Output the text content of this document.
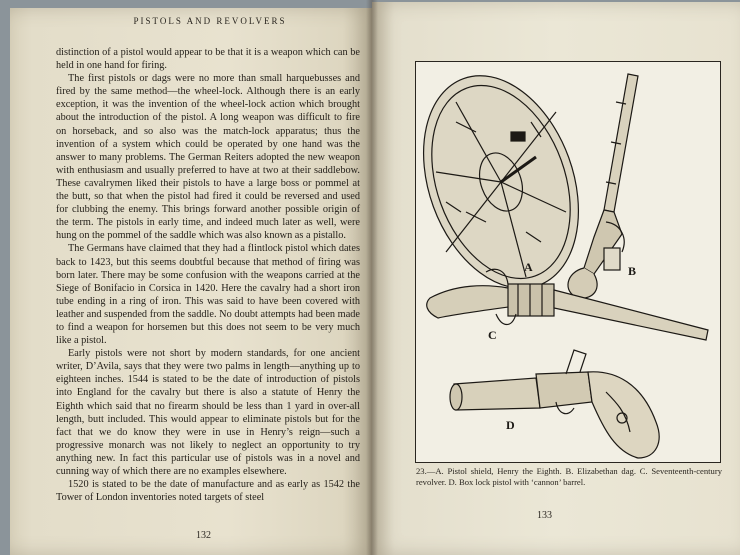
PISTOLS AND REVOLVERS

distinction of a pistol would appear to be that it is a weapon which can be held in one hand for firing.

The first pistols or dags were no more than small harquebusses and fired by the same method—the wheel-lock. Although there is an early exception, it was the invention of the wheel-lock action which brought about the introduction of the pistol. A long weapon was difficult to fire on horseback, and so also was the match-lock apparatus; thus the invention of a system which could be operated by one hand was the answer to many problems. The German Reiters adopted the new weapon with enthusiasm and usually preferred to have at two at their saddlebow. These cavalrymen liked their pistols to have a large boss or pommel at the butt, so that when the pistol had fired it could be reversed and used for clubbing the enemy. This brings forward another possible origin of the term. The pistols in early time, and indeed much later as well, were hung on the pommel of the saddle which was also known as a pistallo.

The Germans have claimed that they had a flintlock pistol which dates back to 1423, but this seems doubtful because that method of firing was born later. There may be some confusion with the weapons carried at the Siege of Bonifacio in Corsica in 1420. Here the cavalry had a short iron tube ending in a ring of iron. This was said to have been covered with leather and suspended from the saddle. No doubt attempts had been made to find a weapon for horsemen but this does not seem to be very much like a pistol.

Early pistols were not short by modern standards, for one ancient writer, D’Avila, says that they were two palms in length—anything up to eighteen inches. 1544 is stated to be the date of introduction of pistols into England for the cavalry but there is also a statute of Henry the Eighth which said that no firearm should be less than 1 yard in over-all length, butt included. This would appear to eliminate pistols but for the fact that we do know they were in use in Henry’s reign—such a progressive monarch was not likely to neglect an opportunity to try anything new. In fact this particular use of pistols was in a novel and cunning way of which there are no examples elsewhere.

1520 is stated to be the date of manufacture and as early as 1542 the Tower of London inventories noted targets of steel

132
A	B
C
D
23.—A. Pistol shield, Henry the Eighth. B. Elizabethan dag. C. Seventeenth-century revolver. D. Box lock pistol with ‘cannon’ barrel.
133
